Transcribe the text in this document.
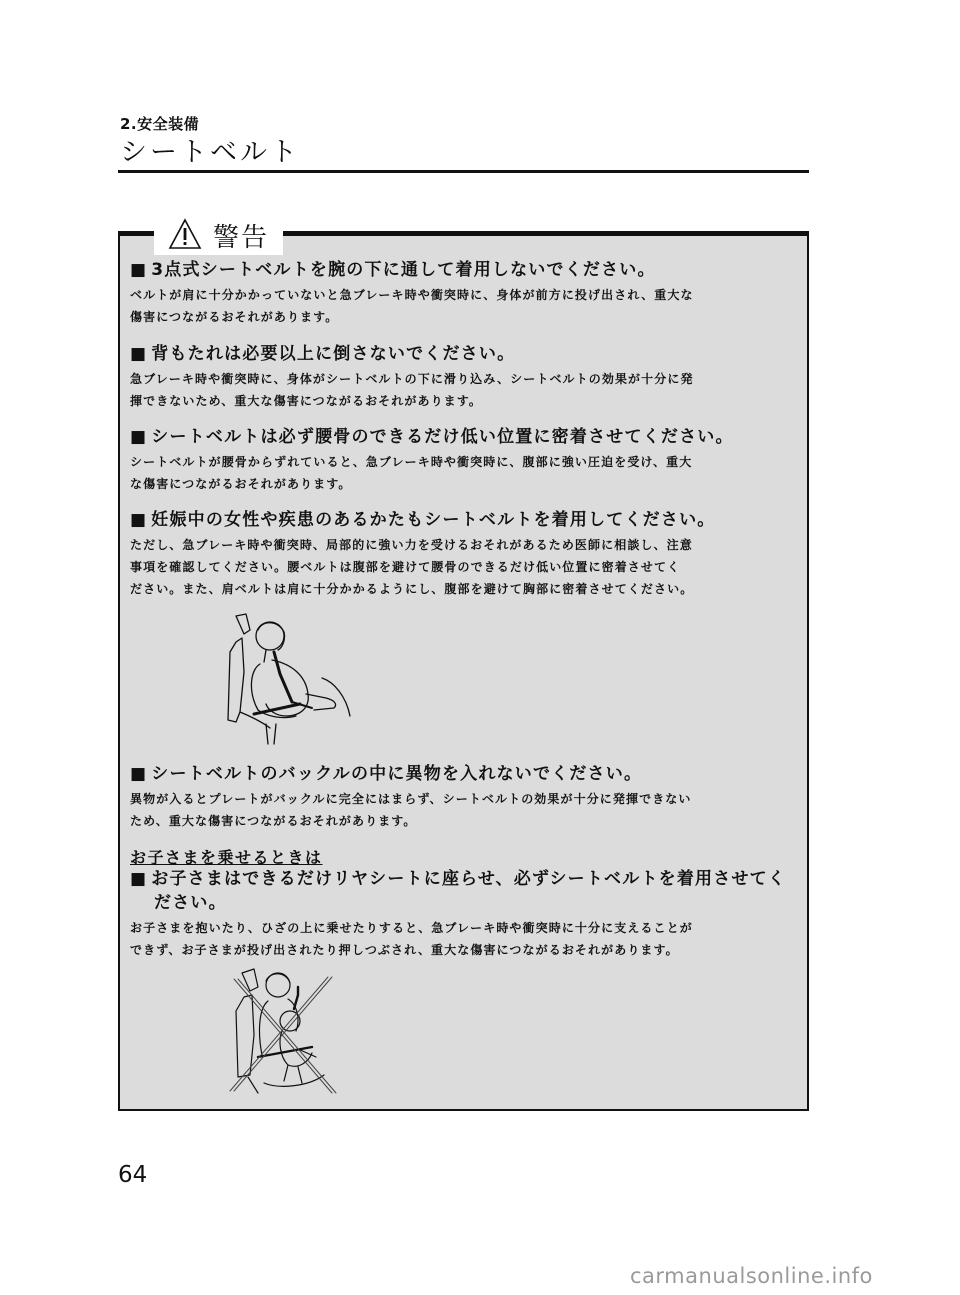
2.安全装備
シートベルト
警告
■ 3点式シートベルトを腕の下に通して着用しないでください。
ベルトが肩に十分かかっていないと急ブレーキ時や衝突時に、身体が前方に投げ出され、重大な
傷害につながるおそれがあります。
■ 背もたれは必要以上に倒さないでください。
急ブレーキ時や衝突時に、身体がシートベルトの下に滑り込み、シートベルトの効果が十分に発
揮できないため、重大な傷害につながるおそれがあります。
■ シートベルトは必ず腰骨のできるだけ低い位置に密着させてください。
シートベルトが腰骨からずれていると、急ブレーキ時や衝突時に、腹部に強い圧迫を受け、重大
な傷害につながるおそれがあります。
■ 妊娠中の女性や疾患のあるかたもシートベルトを着用してください。
ただし、急ブレーキ時や衝突時、局部的に強い力を受けるおそれがあるため医師に相談し、注意
事項を確認してください。腰ベルトは腹部を避けて腰骨のできるだけ低い位置に密着させてく
ださい。また、肩ベルトは肩に十分かかるようにし、腹部を避けて胸部に密着させてください。
■ シートベルトのバックルの中に異物を入れないでください。
異物が入るとプレートがバックルに完全にはまらず、シートベルトの効果が十分に発揮できない
ため、重大な傷害につながるおそれがあります。
お子さまを乗せるときは
■ お子さまはできるだけリヤシートに座らせ、必ずシートベルトを着用させてく
ださい。
お子さまを抱いたり、ひざの上に乗せたりすると、急ブレーキ時や衝突時に十分に支えることが
できず、お子さまが投げ出されたり押しつぶされ、重大な傷害につながるおそれがあります。
64
carmanualsonline.info
